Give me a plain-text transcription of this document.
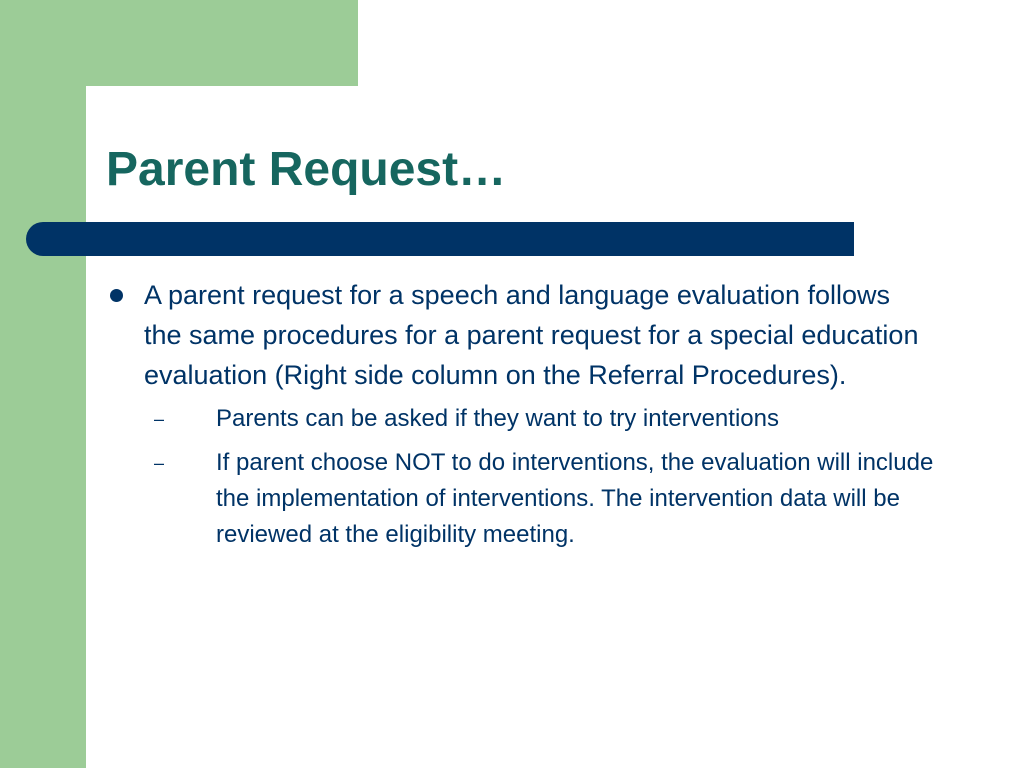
Parent Request…
A parent request for a speech and language evaluation follows the same procedures for a parent request for a special education evaluation (Right side column on the Referral Procedures).
– Parents can be asked if they want to try interventions
– If parent choose NOT to do interventions, the evaluation will include the implementation of interventions. The intervention data will be reviewed at the eligibility meeting.
